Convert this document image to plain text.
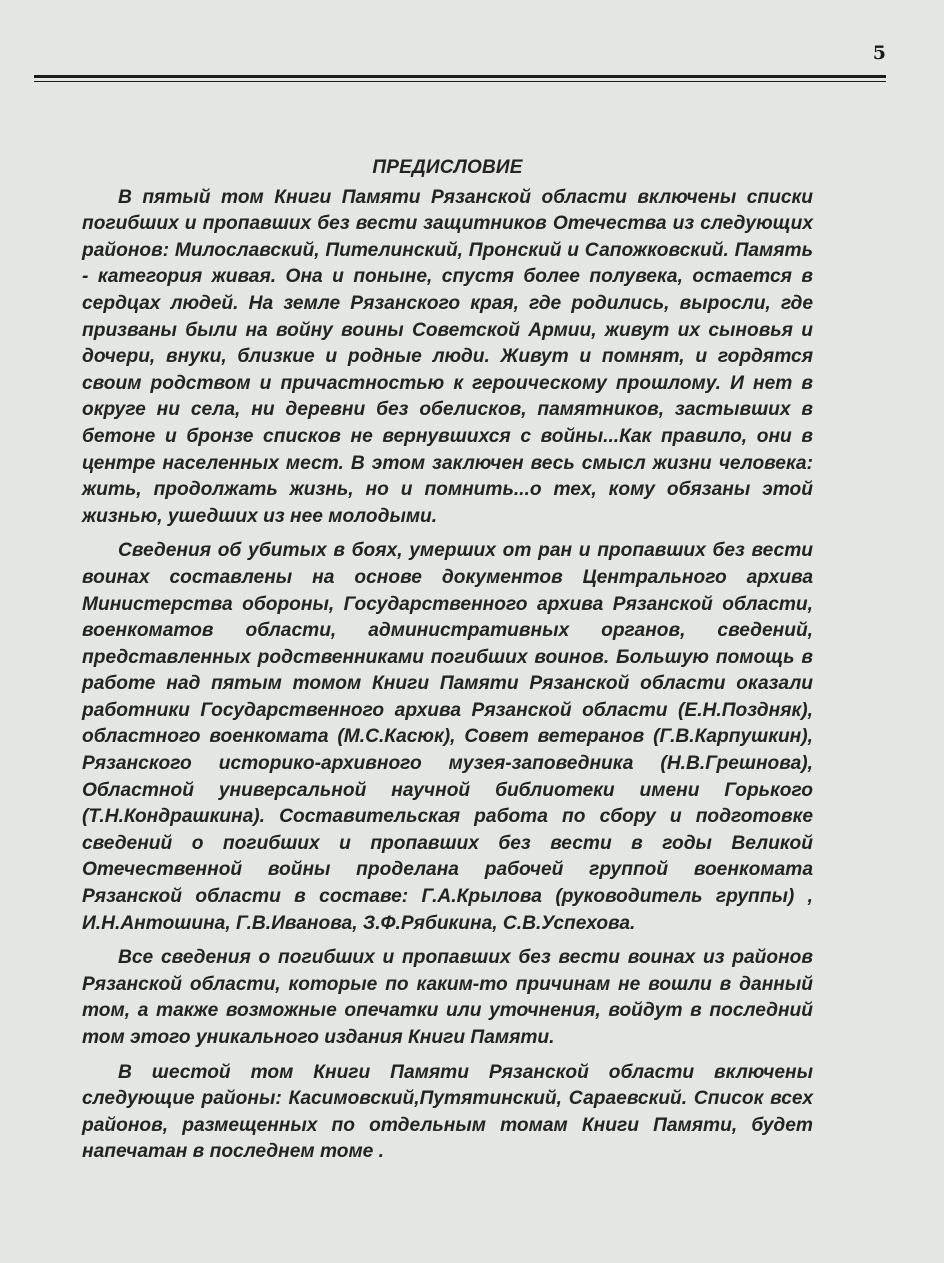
5
ПРЕДИСЛОВИЕ

В пятый том Книги Памяти Рязанской области включены списки погибших и пропавших без вести защитников Отечества из следующих районов: Милославский, Пителинский, Пронский и Сапожковский. Память - категория живая. Она и поныне, спустя более полувека, остается в сердцах людей. На земле Рязанского края, где родились, выросли, где призваны были на войну воины Советской Армии, живут их сыновья и дочери, внуки, близкие и родные люди. Живут и помнят, и гордятся своим родством и причастностью к героическому прошлому. И нет в округе ни села, ни деревни без обелисков, памятников, застывших в бетоне и бронзе списков не вернувшихся с войны...Как правило, они в центре населенных мест. В этом заключен весь смысл жизни человека: жить, продолжать жизнь, но и помнить...о тех, кому обязаны этой жизнью, ушедших из нее молодыми.

Сведения об убитых в боях, умерших от ран и пропавших без вести воинах составлены на основе документов Центрального архива Министерства обороны, Государственного архива Рязанской области, военкоматов области, административных органов, сведений, представленных родственниками погибших воинов. Большую помощь в работе над пятым томом Книги Памяти Рязанской области оказали работники Государственного архива Рязанской области (Е.Н.Поздняк), областного военкомата (М.С.Касюк), Совет ветеранов (Г.В.Карпушкин), Рязанского историко-архивного музея-заповедника (Н.В.Грешнова), Областной универсальной научной библиотеки имени Горького (Т.Н.Кондрашкина). Составительская работа по сбору и подготовке сведений о погибших и пропавших без вести в годы Великой Отечественной войны проделана рабочей группой военкомата Рязанской области в составе: Г.А.Крылова (руководитель группы) , И.Н.Антошина, Г.В.Иванова, З.Ф.Рябикина, С.В.Успехова.

Все сведения о погибших и пропавших без вести воинах из районов Рязанской области, которые по каким-то причинам не вошли в данный том, а также возможные опечатки или уточнения, войдут в последний том этого уникального издания Книги Памяти.

В шестой том Книги Памяти Рязанской области включены следующие районы: Касимовский,Путятинский, Сараевский. Список всех районов, размещенных по отдельным томам Книги Памяти, будет напечатан в последнем томе .
